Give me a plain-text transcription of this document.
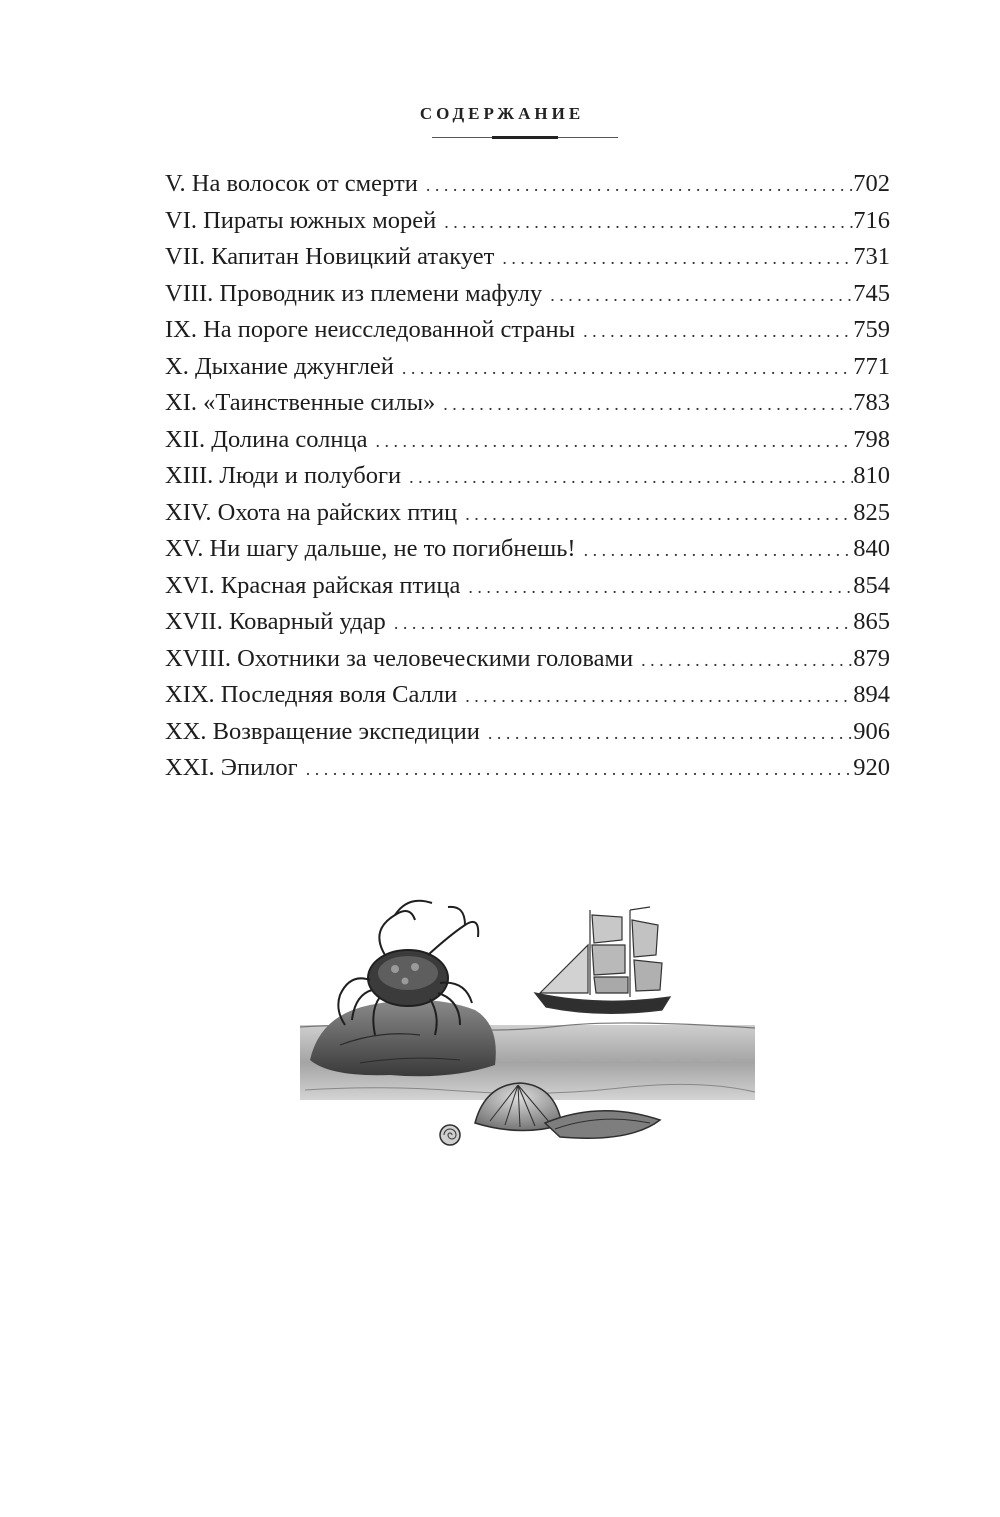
СОДЕРЖАНИЕ
V. На волосок от смерти . . .	702
VI. Пираты южных морей . . .	716
VII. Капитан Новицкий атакует . . .	731
VIII. Проводник из племени мафулу . . .	745
IX. На пороге неисследованной страны . . .	759
X. Дыхание джунглей . . .	771
XI. «Таинственные силы» . . .	783
XII. Долина солнца . . .	798
XIII. Люди и полубоги . . .	810
XIV. Охота на райских птиц . . .	825
XV. Ни шагу дальше, не то погибнешь! . . .	840
XVI. Красная райская птица . . .	854
XVII. Коварный удар . . .	865
XVIII. Охотники за человеческими головами . . .	879
XIX. Последняя воля Салли . . .	894
XX. Возвращение экспедиции . . .	906
XXI. Эпилог . . .	920
